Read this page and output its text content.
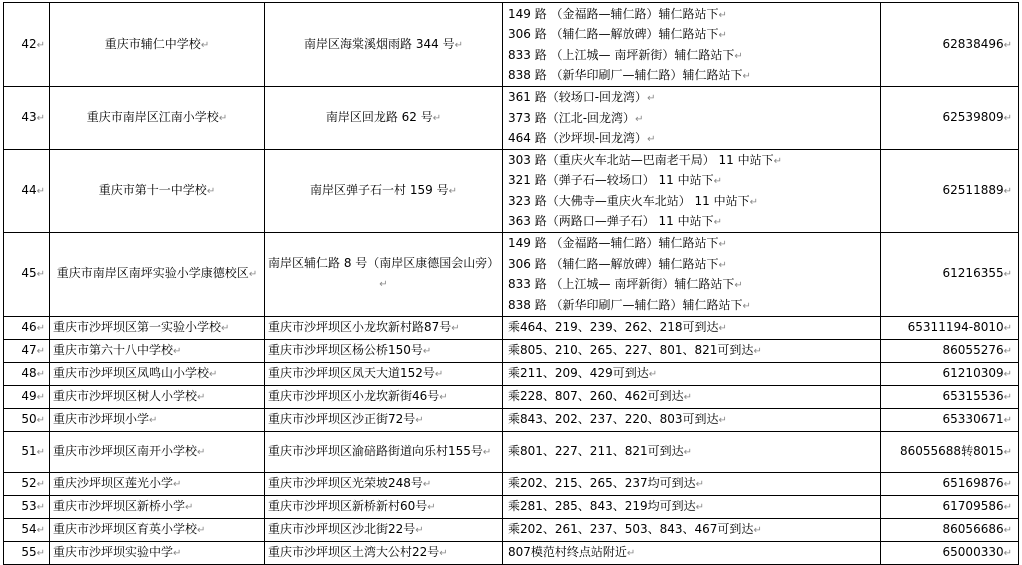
42↵	重庆市辅仁中学校↵	南岸区海棠溪烟雨路 344 号↵	149 路 （金福路—辅仁路）辅仁路站下↵
306 路 （辅仁路—解放碑）辅仁路站下↵
833 路 （上江城— 南坪新街）辅仁路站下↵
838 路 （新华印刷厂—辅仁路）辅仁路站下↵	62838496↵
43↵	重庆市南岸区江南小学校↵	南岸区回龙路 62 号↵	361 路（较场口-回龙湾）↵
373 路（江北-回龙湾）↵
464 路（沙坪坝-回龙湾）↵	62539809↵
44↵	重庆市第十一中学校↵	南岸区弹子石一村 159 号↵	303 路（重庆火车北站—巴南老干局） 11 中站下↵
321 路（弹子石—较场口） 11 中站下↵
323 路（大佛寺—重庆火车北站） 11 中站下↵
363 路（两路口—弹子石） 11 中站下↵	62511889↵
45↵	重庆市南岸区南坪实验小学康德校区↵	南岸区辅仁路 8 号（南岸区康德国会山旁）↵	149 路 （金福路—辅仁路）辅仁路站下↵
306 路 （辅仁路—解放碑）辅仁路站下↵
833 路 （上江城— 南坪新街）辅仁路站下↵
838 路 （新华印刷厂—辅仁路）辅仁路站下↵	61216355↵
46↵	重庆市沙坪坝区第一实验小学校↵	重庆市沙坪坝区小龙坎新村路87号↵	乘464、219、239、262、218可到达↵	65311194-8010↵
47↵	重庆市第六十八中学校↵	重庆市沙坪坝区杨公桥150号↵	乘805、210、265、227、801、821可到达↵	86055276↵
48↵	重庆市沙坪坝区凤鸣山小学校↵	重庆市沙坪坝区凤天大道152号↵	乘211、209、429可到达↵	61210309↵
49↵	重庆市沙坪坝区树人小学校↵	重庆市沙坪坝区小龙坎新街46号↵	乘228、807、260、462可到达↵	65315536↵
50↵	重庆市沙坪坝小学↵	重庆市沙坪坝区沙正街72号↵	乘843、202、237、220、803可到达↵	65330671↵
51↵	重庆市沙坪坝区南开小学校↵	重庆市沙坪坝区渝碚路街道向乐村155号↵	乘801、227、211、821可到达↵	86055688转8015↵
52↵	重庆沙坪坝区莲光小学↵	重庆市沙坪坝区光荣坡248号↵	乘202、215、265、237均可到达↵	65169876↵
53↵	重庆市沙坪坝区新桥小学↵	重庆市沙坪坝区新桥新村60号↵	乘281、285、843、219均可到达↵	61709586↵
54↵	重庆市沙坪坝区育英小学校↵	重庆市沙坪坝区沙北街22号↵	乘202、261、237、503、843、467可到达↵	86056686↵
55↵	重庆市沙坪坝实验中学↵	重庆市沙坪坝区土湾大公村22号↵	807模范村终点站附近↵	65000330↵
